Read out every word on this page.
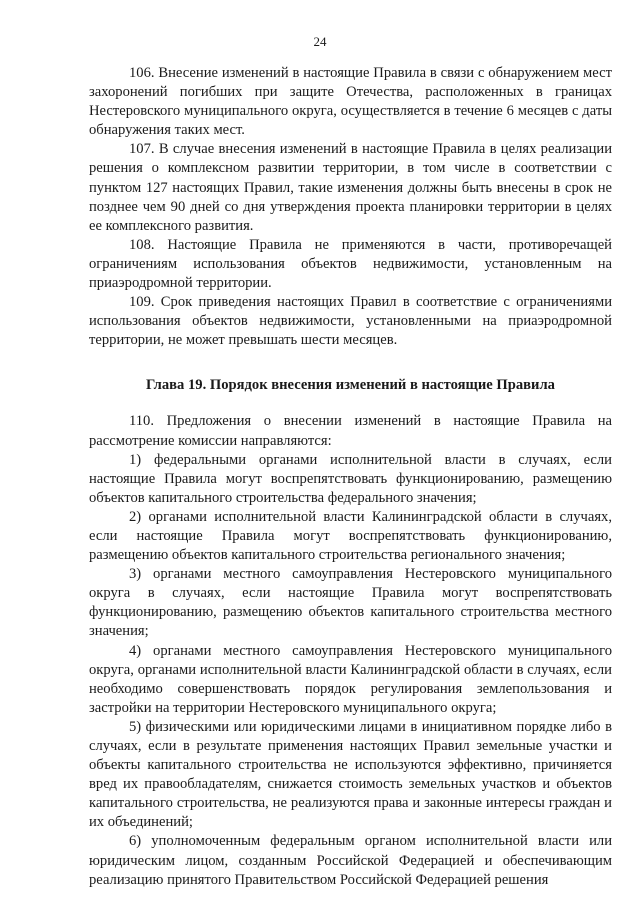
24

106. Внесение изменений в настоящие Правила в связи с обнаружением мест захоронений погибших при защите Отечества, расположенных в границах Нестеровского муниципального округа, осуществляется в течение 6 месяцев с даты обнаружения таких мест.

107. В случае внесения изменений в настоящие Правила в целях реализации решения о комплексном развитии территории, в том числе в соответствии с пунктом 127 настоящих Правил, такие изменения должны быть внесены в срок не позднее чем 90 дней со дня утверждения проекта планировки территории в целях ее комплексного развития.

108. Настоящие Правила не применяются в части, противоречащей ограничениям использования объектов недвижимости, установленным на приаэродромной территории.

109. Срок приведения настоящих Правил в соответствие с ограничениями использования объектов недвижимости, установленными на приаэродромной территории, не может превышать шести месяцев.

Глава 19. Порядок внесения изменений в настоящие Правила

110. Предложения о внесении изменений в настоящие Правила на рассмотрение комиссии направляются:

1) федеральными органами исполнительной власти в случаях, если настоящие Правила могут воспрепятствовать функционированию, размещению объектов капитального строительства федерального значения;

2) органами исполнительной власти Калининградской области в случаях, если настоящие Правила могут воспрепятствовать функционированию, размещению объектов капитального строительства регионального значения;

3) органами местного самоуправления Нестеровского муниципального округа в случаях, если настоящие Правила могут воспрепятствовать функционированию, размещению объектов капитального строительства местного значения;

4) органами местного самоуправления Нестеровского муниципального округа, органами исполнительной власти Калининградской области в случаях, если необходимо совершенствовать порядок регулирования землепользования и застройки на территории Нестеровского муниципального округа;

5) физическими или юридическими лицами в инициативном порядке либо в случаях, если в результате применения настоящих Правил земельные участки и объекты капитального строительства не используются эффективно, причиняется вред их правообладателям, снижается стоимость земельных участков и объектов капитального строительства, не реализуются права и законные интересы граждан и их объединений;

6) уполномоченным федеральным органом исполнительной власти или юридическим лицом, созданным Российской Федерацией и обеспечивающим реализацию принятого Правительством Российской Федерацией решения
